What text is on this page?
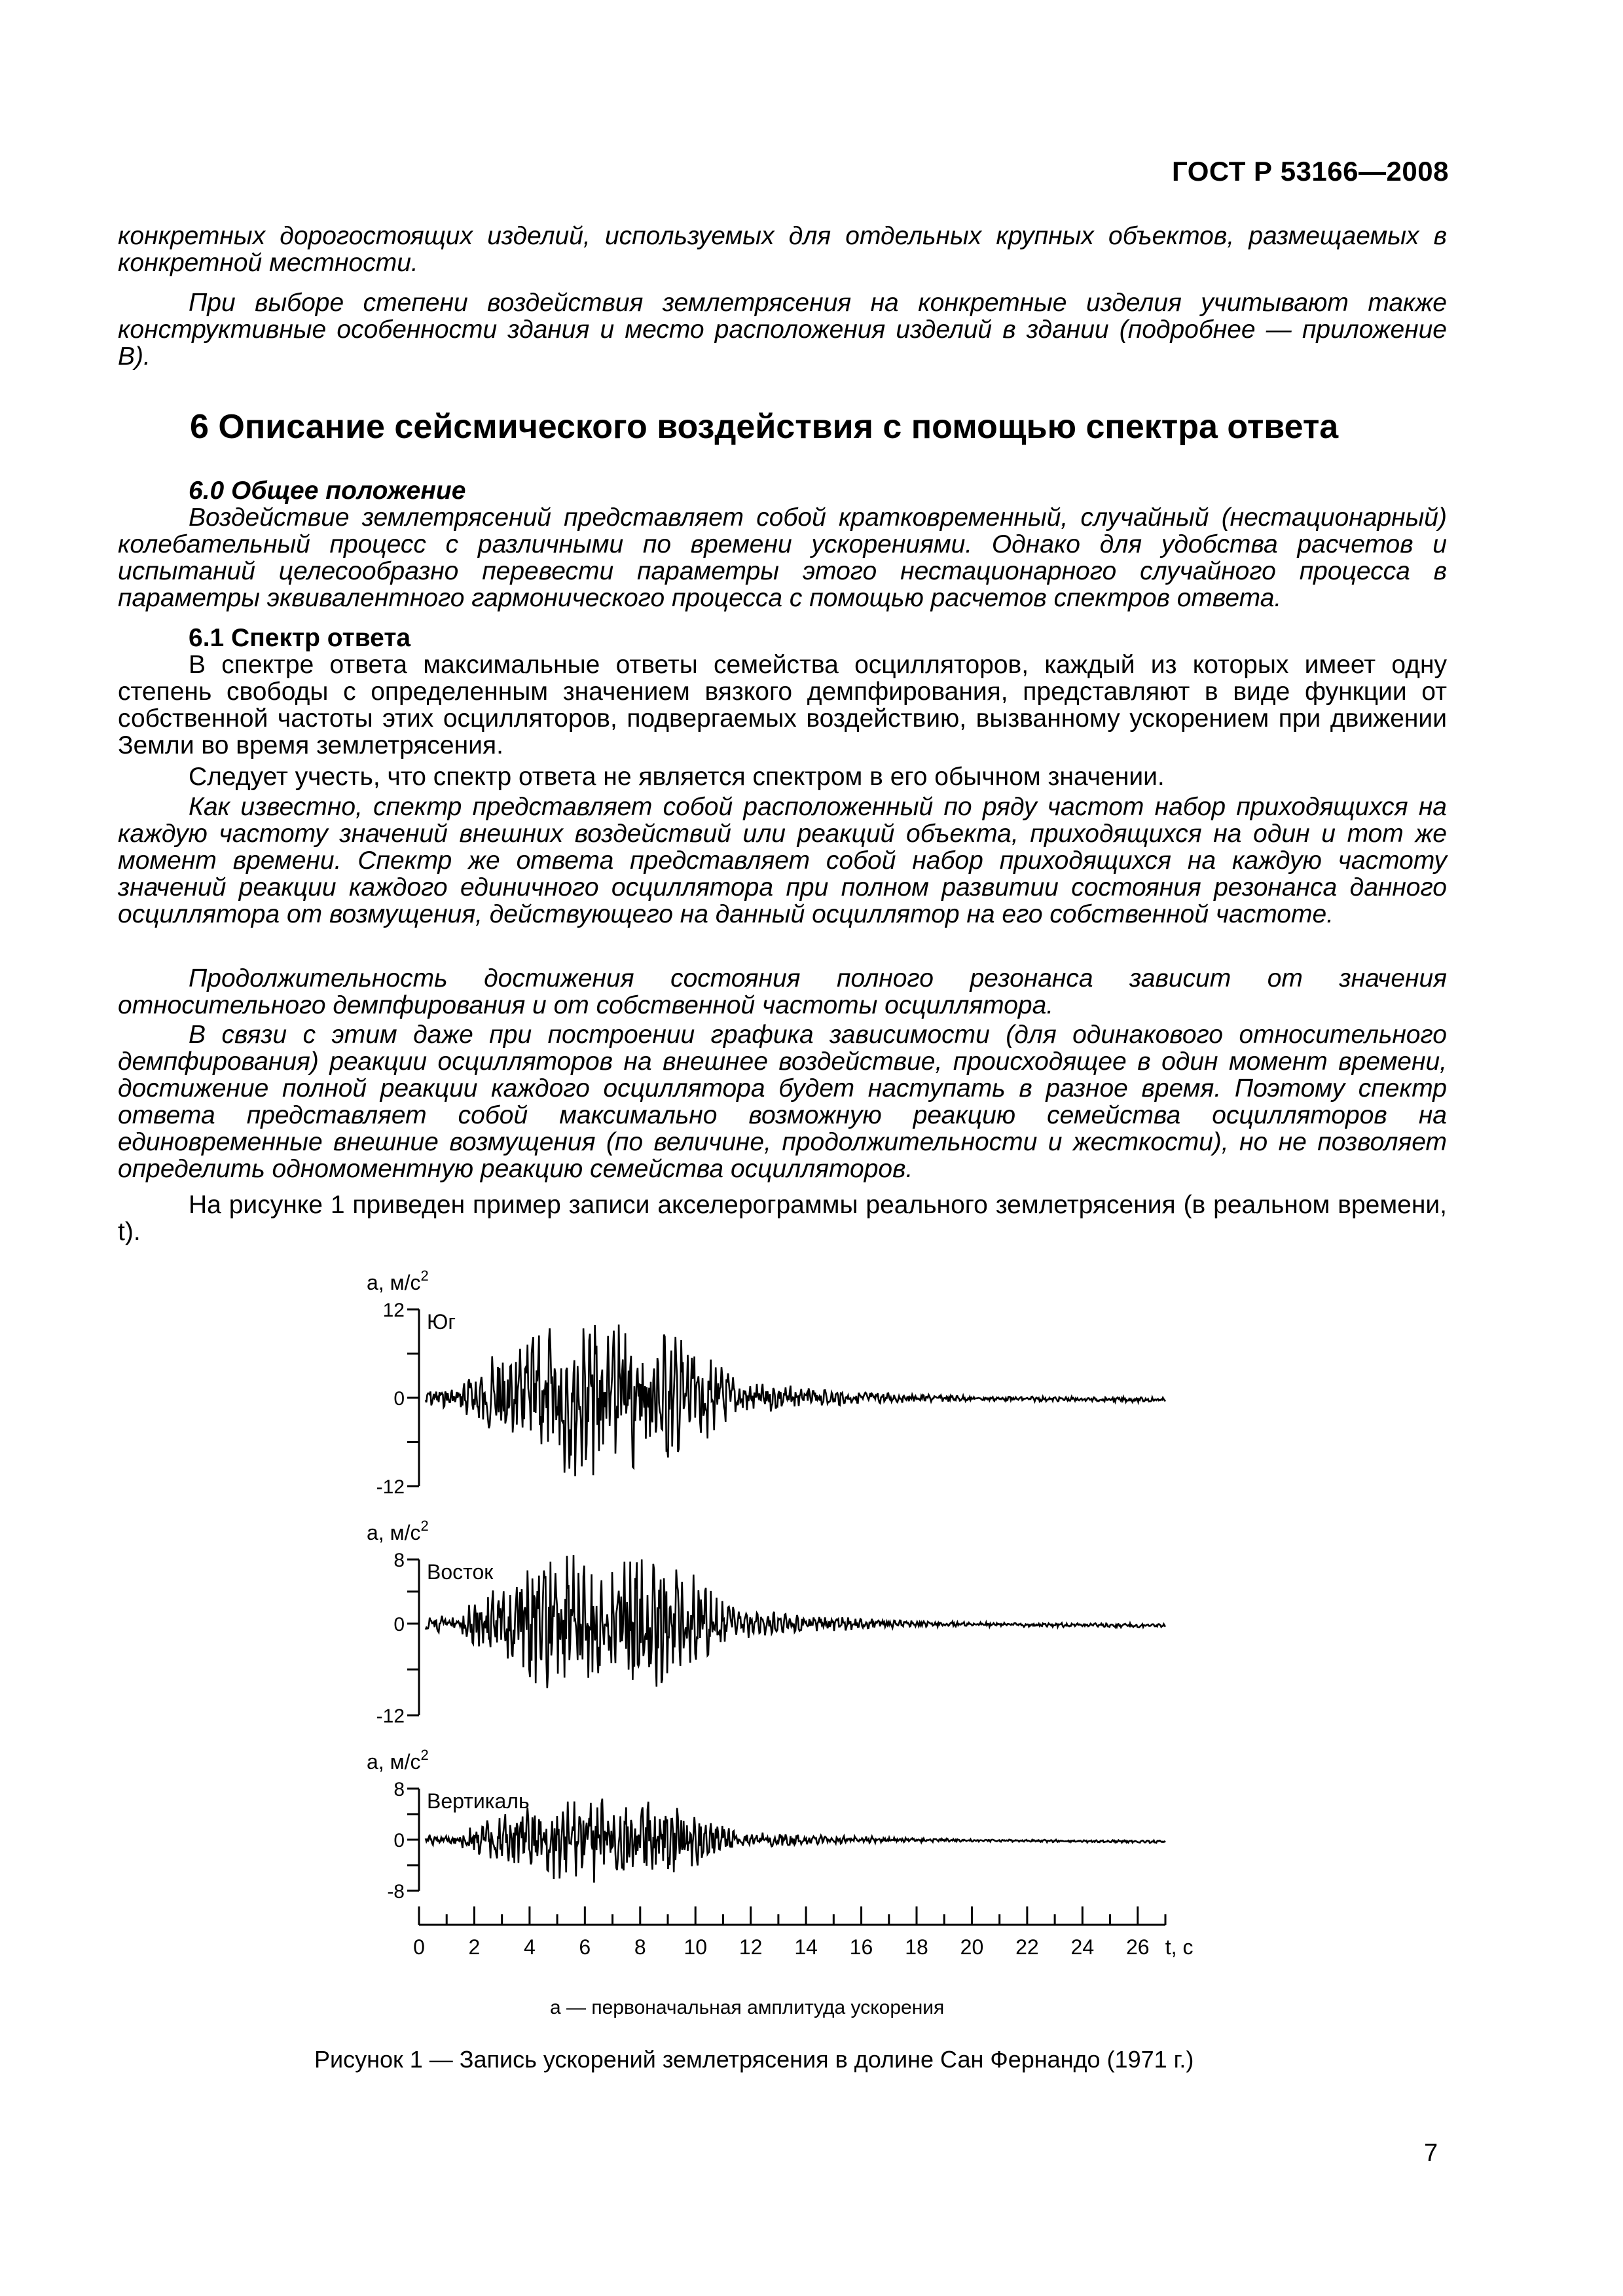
ГОСТ Р 53166—2008

конкретных дорогостоящих изделий, используемых для отдельных крупных объектов, размещаемых в конкретной местности.

При выборе степени воздействия землетрясения на конкретные изделия учитывают также конструктивные особенности здания и место расположения изделий в здании (подробнее — приложение В).

6 Описание сейсмического воздействия с помощью спектра ответа
6.0 Общее положение

Воздействие землетрясений представляет собой кратковременный, случайный (нестационарный) колебательный процесс с различными по времени ускорениями. Однако для удобства расчетов и испытаний целесообразно перевести параметры этого нестационарного случайного процесса в параметры эквивалентного гармонического процесса с помощью расчетов спектров ответа.

6.1 Спектр ответа

В спектре ответа максимальные ответы семейства осцилляторов, каждый из которых имеет одну степень свободы с определенным значением вязкого демпфирования, представляют в виде функции от собственной частоты этих осцилляторов, подвергаемых воздействию, вызванному ускорением при движении Земли во время землетрясения.

Следует учесть, что спектр ответа не является спектром в его обычном значении.

Как известно, спектр представляет собой расположенный по ряду частот набор приходящихся на каждую частоту значений внешних воздействий или реакций объекта, приходящихся на один и тот же момент времени. Спектр же ответа представляет собой набор приходящихся на каждую частоту значений реакции каждого единичного осциллятора при полном развитии состояния резонанса данного осциллятора от возмущения, действующего на данный осциллятор на его собственной частоте.

Продолжительность достижения состояния полного резонанса зависит от значения относительного демпфирования и от собственной частоты осциллятора.

В связи с этим даже при построении графика зависимости (для одинакового относительного демпфирования) реакции осцилляторов на внешнее воздействие, происходящее в один момент времени, достижение полной реакции каждого осциллятора будет наступать в разное время. Поэтому спектр ответа представляет собой максимально возможную реакцию семейства осцилляторов на единовременные внешние возмущения (по величине, продолжительности и жесткости), но не позволяет определить одномоментную реакцию семейства осцилляторов.

На рисунке 1 приведен пример записи акселерограммы реального землетрясения (в реальном времени, t).

а, $м/с^2$
12
0
-12
Юг
а, $м/с^2$
8
0
-12
Восток
а, $м/с^2$
8
0
-8
Вертикаль
0 2 4 6 8 10 12 14 16 18 20 22 24 26 t, с
а — первоначальная амплитуда ускорения
Рисунок 1 — Запись ускорений землетрясения в долине Сан Фернандо (1971 г.)
7
